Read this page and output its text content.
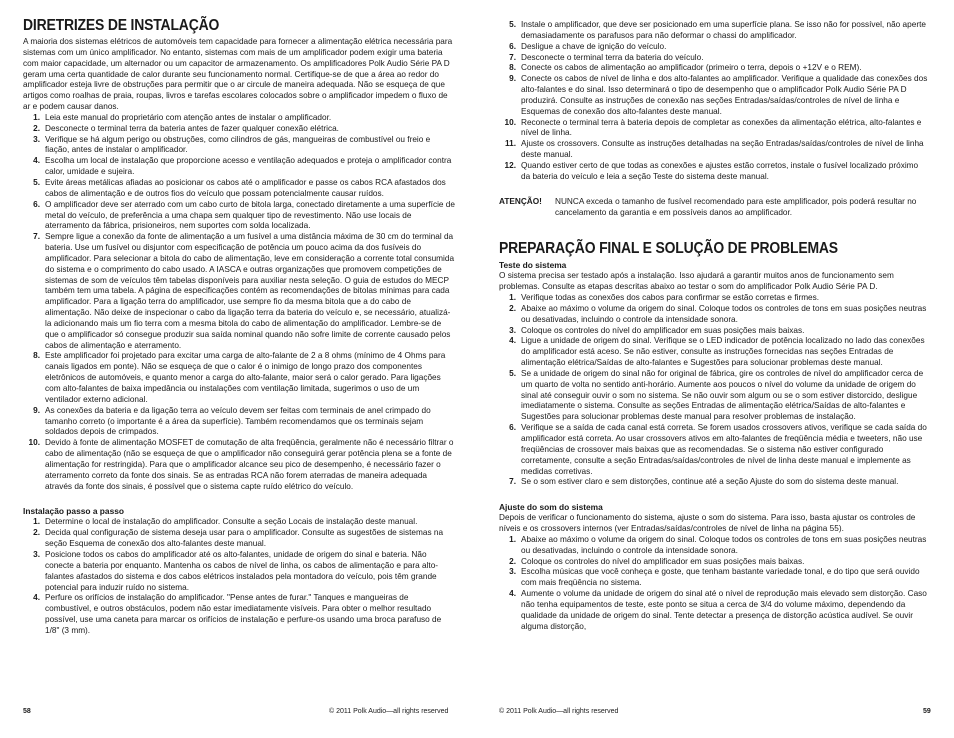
DIRETRIZES DE INSTALAÇÃO

A maioria dos sistemas elétricos de automóveis tem capacidade para fornecer a alimentação elétrica necessária para sistemas com um único amplificador. No entanto, sistemas com mais de um amplificador podem exigir uma bateria com maior capacidade, um alternador ou um capacitor de armazenamento. Os amplificadores Polk Audio Série PA D geram uma certa quantidade de calor durante seu funcionamento normal. Certifique-se de que a área ao redor do amplificador esteja livre de obstruções para permitir que o ar circule de maneira adequada. Não se esqueça de que artigos como roalhas de praia, roupas, livros e tarefas escolares colocados sobre o amplificador impedem o fluxo de ar e podem causar danos.

1. Leia este manual do proprietário com atenção antes de instalar o amplificador.
2. Desconecte o terminal terra da bateria antes de fazer qualquer conexão elétrica.
3. Verifique se há algum perigo ou obstruções, como cilindros de gás, mangueiras de combustível ou freio e fiação, antes de instalar o amplificador.
4. Escolha um local de instalação que proporcione acesso e ventilação adequados e proteja o amplificador contra calor, umidade e sujeira.
5. Evite áreas metálicas afiadas ao posicionar os cabos até o amplificador e passe os cabos RCA afastados dos cabos de alimentação e de outros fios do veículo que possam potencialmente causar ruídos.
6. O amplificador deve ser aterrado com um cabo curto de bitola larga, conectado diretamente a uma superfície de metal do veículo, de preferência a uma chapa sem qualquer tipo de revestimento. Não use locais de aterramento da fábrica, prisioneiros, nem suportes com solda localizada.
7. Sempre ligue a conexão da fonte de alimentação a um fusível a uma distância máxima de 30 cm do terminal da bateria. Use um fusível ou disjuntor com especificação de potência um pouco acima da dos fusíveis do amplificador. Para selecionar a bitola do cabo de alimentação, leve em consideração a corrente total consumida do sistema e o comprimento do cabo usado. A IASCA e outras organizações que promovem competições de sistemas de som de veículos têm tabelas disponíveis para auxiliar nesta seleção. O guia de estudos do MECP também tem uma tabela. A página de especificações contém as recomendações de bitolas mínimas para cada amplificador. Para a ligação terra do amplificador, use sempre fio da mesma bitola que a do cabo de alimentação. Não deixe de inspecionar o cabo da ligação terra da bateria do veículo e, se necessário, atualizá-la adicionando mais um fio terra com a mesma bitola do cabo de alimentação do amplificador. Lembre-se de que o amplificador só consegue produzir sua saída nominal quando não sofre limite de corrente causado pelos cabos de alimentação e aterramento.
8. Este amplificador foi projetado para excitar uma carga de alto-falante de 2 a 8 ohms (mínimo de 4 Ohms para canais ligados em ponte). Não se esqueça de que o calor é o inimigo de longo prazo dos componentes eletrônicos de automóveis, e quanto menor a carga do alto-falante, maior será o calor gerado. Para ligações com alto-falantes de baixa impedância ou instalações com ventilação limitada, sugerimos o uso de um ventilador externo adicional.
9. As conexões da bateria e da ligação terra ao veículo devem ser feitas com terminais de anel crimpado do tamanho correto (o importante é a área da superfície). Também recomendamos que os terminais sejam soldados depois de crimpados.
10. Devido à fonte de alimentação MOSFET de comutação de alta freqüência, geralmente não é necessário filtrar o cabo de alimentação (não se esqueça de que o amplificador não conseguirá gerar potência plena se a fonte de alimentação for restringida). Para que o amplificador alcance seu pico de desempenho, é necessário fazer o aterramento correto da fonte dos sinais. Se as entradas RCA não forem aterradas de maneira adequada através da fonte dos sinais, é possível que o sistema capte ruído elétrico do veículo.
Instalação passo a passo
1. Determine o local de instalação do amplificador. Consulte a seção Locais de instalação deste manual.
2. Decida qual configuração de sistema deseja usar para o amplificador. Consulte as sugestões de sistemas na seção Esquema de conexão dos alto-falantes deste manual.
3. Posicione todos os cabos do amplificador até os alto-falantes, unidade de origem do sinal e bateria. Não conecte a bateria por enquanto. Mantenha os cabos de nível de linha, os cabos de alimentação e para alto-falantes afastados do sistema e dos cabos elétricos instalados pela montadora do veículo, pois têm grande potencial para induzir ruído no sistema.
4. Perfure os orifícios de instalação do amplificador. "Pense antes de furar." Tanques e mangueiras de combustível, e outros obstáculos, podem não estar imediatamente visíveis. Para obter o melhor resultado possível, use uma caneta para marcar os orifícios de instalação e perfure-os usando uma broca parafuso de 1/8" (3 mm).
58	© 2011 Polk Audio—all rights reserved
5. Instale o amplificador, que deve ser posicionado em uma superfície plana. Se isso não for possível, não aperte demasiadamente os parafusos para não deformar o chassi do amplificador.
6. Desligue a chave de ignição do veículo.
7. Desconecte o terminal terra da bateria do veículo.
8. Conecte os cabos de alimentação ao amplificador (primeiro o terra, depois o +12V e o REM).
9. Conecte os cabos de nível de linha e dos alto-falantes ao amplificador. Verifique a qualidade das conexões dos alto-falantes e do sinal. Isso determinará o tipo de desempenho que o amplificador Polk Audio Série PA D produzirá. Consulte as instruções de conexão nas seções Entradas/saídas/controles de nível de linha e Esquemas de conexão dos alto-falantes deste manual.
10. Reconecte o terminal terra à bateria depois de completar as conexões da alimentação elétrica, alto-falantes e nível de linha.
11. Ajuste os crossovers. Consulte as instruções detalhadas na seção Entradas/saídas/controles de nível de linha deste manual.
12. Quando estiver certo de que todas as conexões e ajustes estão corretos, instale o fusível localizado próximo da bateria do veículo e leia a seção Teste do sistema deste manual.
ATENÇÃO!	NUNCA exceda o tamanho de fusível recomendado para este amplificador, pois poderá resultar no cancelamento da garantia e em possíveis danos ao amplificador.
PREPARAÇÃO FINAL E SOLUÇÃO DE PROBLEMAS
Teste do sistema

O sistema precisa ser testado após a instalação. Isso ajudará a garantir muitos anos de funcionamento sem problemas. Consulte as etapas descritas abaixo ao testar o som do amplificador Polk Audio Série PA D.

1. Verifique todas as conexões dos cabos para confirmar se estão corretas e firmes.
2. Abaixe ao máximo o volume da origem do sinal. Coloque todos os controles de tons em suas posições neutras ou desativadas, incluindo o controle da intensidade sonora.
3. Coloque os controles do nível do amplificador em suas posições mais baixas.
4. Ligue a unidade de origem do sinal. Verifique se o LED indicador de potência localizado no lado das conexões do amplificador está aceso. Se não estiver, consulte as instruções fornecidas nas seções Entradas de alimentação elétrica/Saídas de alto-falantes e Sugestões para solucionar problemas deste manual.
5. Se a unidade de origem do sinal não for original de fábrica, gire os controles de nível do amplificador cerca de um quarto de volta no sentido anti-horário. Aumente aos poucos o nível do volume da unidade de origem do sinal até conseguir ouvir o som no sistema. Se não ouvir som algum ou se o som estiver distorcido, desligue imediatamente o sistema. Consulte as seções Entradas de alimentação elétrica/Saídas de alto-falantes e Sugestões para solucionar problemas deste manual para resolver problemas de instalação.
6. Verifique se a saída de cada canal está correta. Se forem usados crossovers ativos, verifique se cada saída do amplificador está correta. Ao usar crossovers ativos em alto-falantes de freqüência média e tweeters, não use freqüências de crossover mais baixas que as recomendadas. Se o sistema não estiver configurado corretamente, consulte a seção Entradas/saídas/controles de nível de linha deste manual e implemente as medidas corretivas.
7. Se o som estiver claro e sem distorções, continue até a seção Ajuste do som do sistema deste manual.
Ajuste do som do sistema

Depois de verificar o funcionamento do sistema, ajuste o som do sistema. Para isso, basta ajustar os controles de níveis e os crossovers internos (ver Entradas/saídas/controles de nível de linha na página 55).

1. Abaixe ao máximo o volume da origem do sinal. Coloque todos os controles de tons em suas posições neutras ou desativadas, incluindo o controle da intensidade sonora.
2. Coloque os controles do nível do amplificador em suas posições mais baixas.
3. Escolha músicas que você conheça e goste, que tenham bastante variedade tonal, e do tipo que será ouvido com mais freqüência no sistema.
4. Aumente o volume da unidade de origem do sinal até o nível de reprodução mais elevado sem distorção. Caso não tenha equipamentos de teste, este ponto se situa a cerca de 3/4 do volume máximo, dependendo da qualidade da unidade de origem do sinal. Tente detectar a presença de distorção acústica audível. Se ouvir alguma distorção,
© 2011 Polk Audio—all rights reserved	59
